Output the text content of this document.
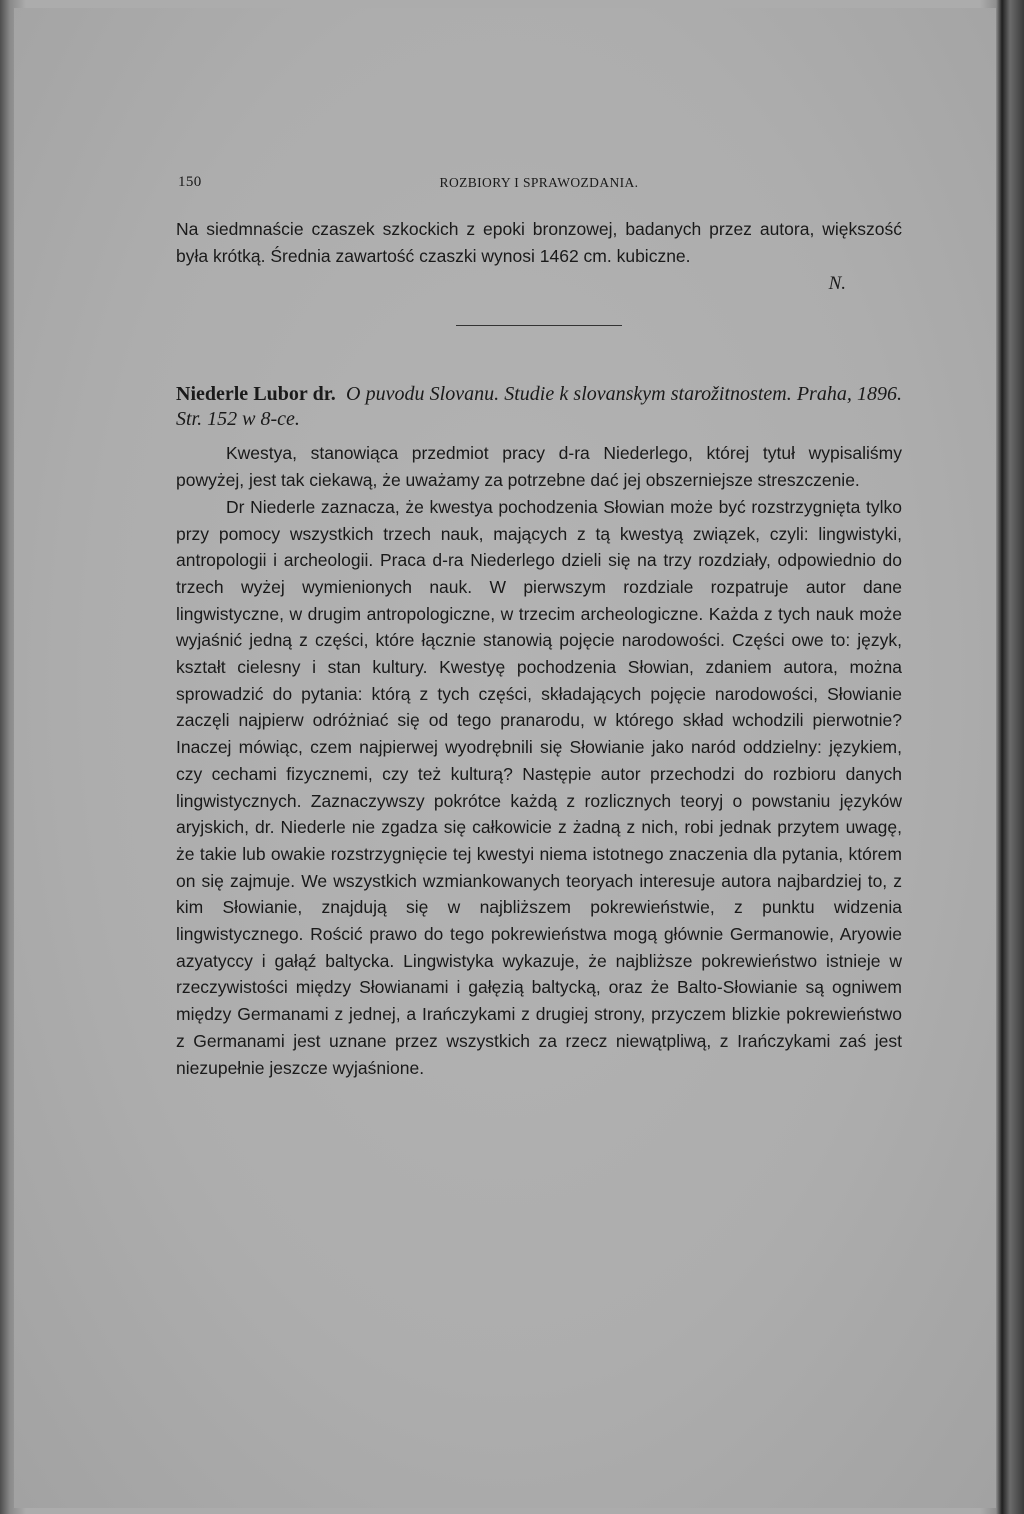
150	ROZBIORY I SPRAWOZDANIA.

Na siedmnaście czaszek szkockich z epoki bronzowej, badanych przez autora, większość była krótką. Średnia zawartość czaszki wynosi 1462 cm. kubiczne.

N.
Niederle Lubor dr. O puvodu Slovanu. Studie k slovanskym starožitnostem. Praha, 1896. Str. 152 w 8-ce.

Kwestya, stanowiąca przedmiot pracy d-ra Niederlego, której tytuł wypisaliśmy powyżej, jest tak ciekawą, że uważamy za potrzebne dać jej obszerniejsze streszczenie.

Dr Niederle zaznacza, że kwestya pochodzenia Słowian może być rozstrzygnięta tylko przy pomocy wszystkich trzech nauk, mających z tą kwestyą związek, czyli: lingwistyki, antropologii i archeologii. Praca d-ra Niederlego dzieli się na trzy rozdziały, odpowiednio do trzech wyżej wymienionych nauk. W pierwszym rozdziale rozpatruje autor dane lingwistyczne, w drugim antropologiczne, w trzecim archeologiczne. Każda z tych nauk może wyjaśnić jedną z części, które łącznie stanowią pojęcie narodowości. Części owe to: język, kształt cielesny i stan kultury. Kwestyę pochodzenia Słowian, zdaniem autora, można sprowadzić do pytania: którą z tych części, składających pojęcie narodowości, Słowianie zaczęli najpierw odróżniać się od tego pranarodu, w którego skład wchodzili pierwotnie? Inaczej mówiąc, czem najpierwej wyodrębnili się Słowianie jako naród oddzielny: językiem, czy cechami fizycznemi, czy też kulturą? Następie autor przechodzi do rozbioru danych lingwistycznych. Zaznaczywszy pokrótce każdą z rozlicznych teoryj o powstaniu języków aryjskich, dr. Niederle nie zgadza się całkowicie z żadną z nich, robi jednak przytem uwagę, że takie lub owakie rozstrzygnięcie tej kwestyi niema istotnego znaczenia dla pytania, którem on się zajmuje. We wszystkich wzmiankowanych teoryach interesuje autora najbardziej to, z kim Słowianie, znajdują się w najbliższem pokrewieństwie, z punktu widzenia lingwistycznego. Rościć prawo do tego pokrewieństwa mogą głównie Germanowie, Aryowie azyatyccy i gałąź baltycka. Lingwistyka wykazuje, że najbliższe pokrewieństwo istnieje w rzeczywistości między Słowianami i gałęzią baltycką, oraz że Balto-Słowianie są ogniwem między Germanami z jednej, a Irańczykami z drugiej strony, przyczem blizkie pokrewieństwo z Germanami jest uznane przez wszystkich za rzecz niewątpliwą, z Irańczykami zaś jest niezupełnie jeszcze wyjaśnione.
